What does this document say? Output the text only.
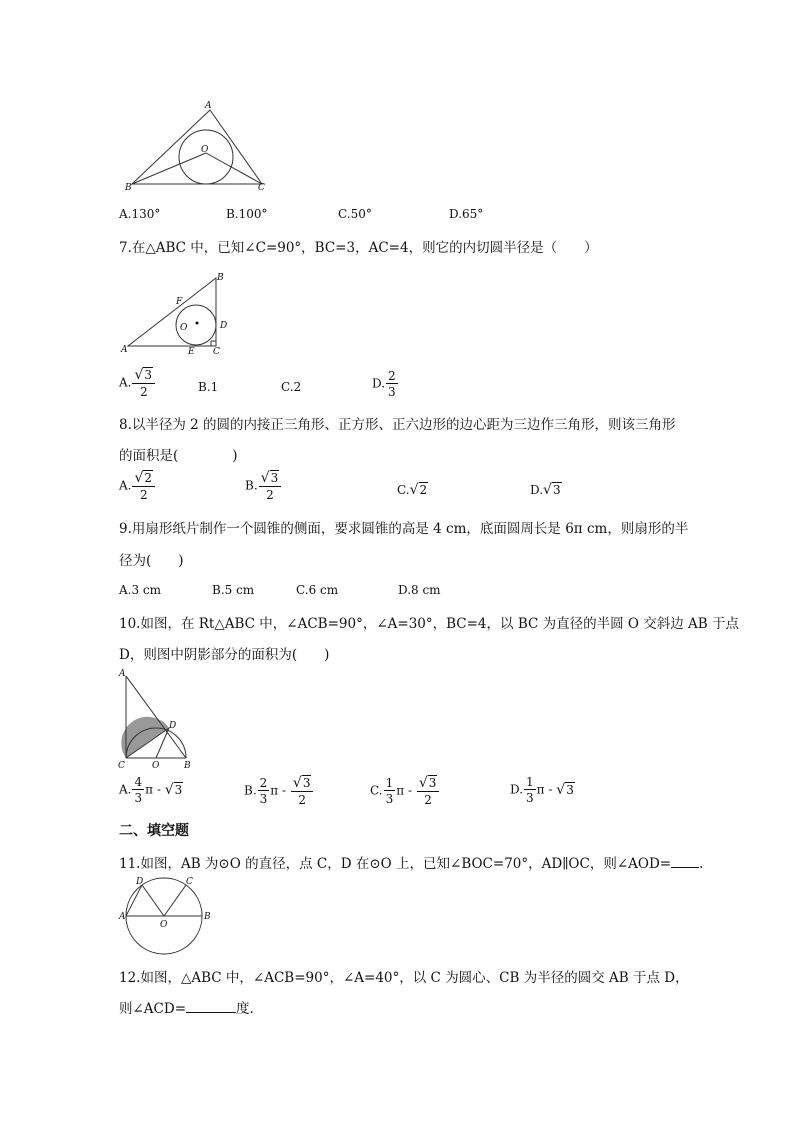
A
B	C
O
A.130°	B.100°	C.50°	D.65°
7.在△ABC 中，已知∠C=90°，BC=3，AC=4，则它的内切圆半径是（　　）
B
A	C
D
E
F
O
A. $\frac{√3}{2}$	B.1	C.2	D. $\frac{2}{3}$
8.以半径为 2 的圆的内接正三角形、正方形、正六边形的边心距为三边作三角形，则该三角形
的面积是(　　　　)
A. $\frac{√2}{2}$	B. $\frac{√3}{2}$	C.√2	D.√3
9.用扇形纸片制作一个圆锥的侧面，要求圆锥的高是 4 cm，底面圆周长是 6π cm，则扇形的半
径为(　　)
A.3 cm	B.5 cm	C.6 cm	D.8 cm
10.如图，在 Rt△ABC 中，∠ACB=90°，∠A=30°，BC=4，以 BC 为直径的半圆 O 交斜边 AB 于点
D，则图中阴影部分的面积为(　　)
A
C	B
D
O
A. $\frac{4}{3}$ π - √3	B. $\frac{2}{3}$ π - $\frac{√3}{2}$	C. $\frac{1}{3}$ π - $\frac{√3}{2}$	D. $\frac{1}{3}$ π - √3
二、填空题
11.如图，AB 为⊙O 的直径，点 C，D 在⊙O 上，已知∠BOC=70°，AD∥OC，则∠AOD= .
A	B
C
D
O
12.如图，△ABC 中，∠ACB=90°，∠A=40°，以 C 为圆心、CB 为半径的圆交 AB 于点 D，
则∠ACD=	度.
